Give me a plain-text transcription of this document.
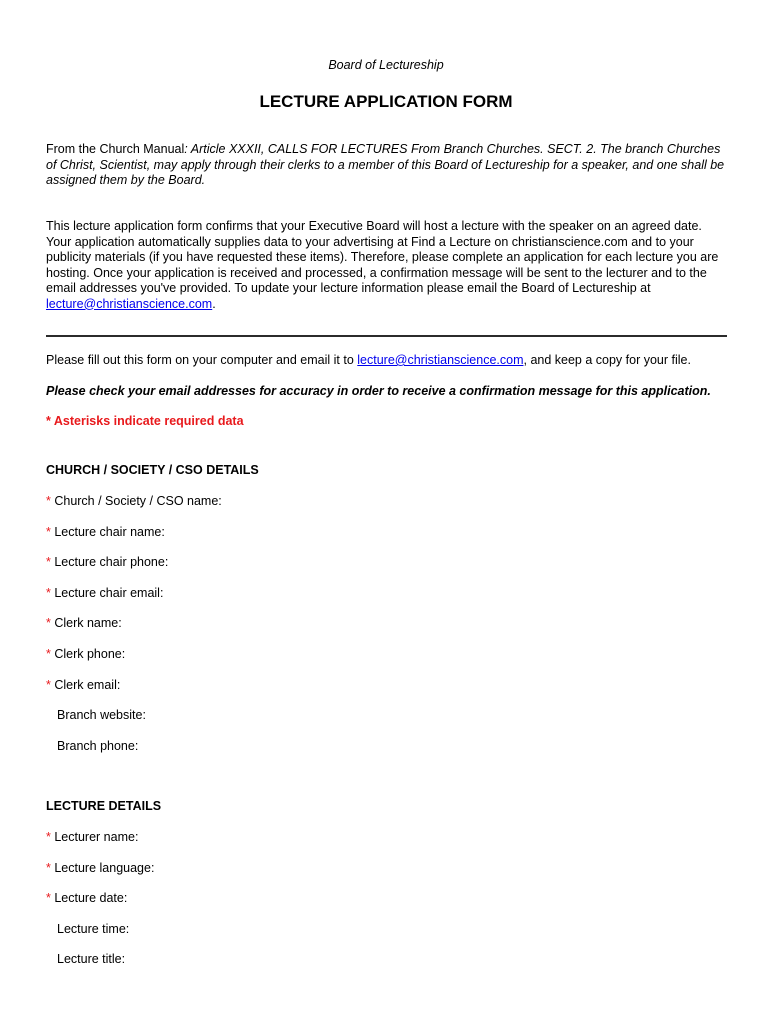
Board of Lectureship
LECTURE APPLICATION FORM
From the Church Manual: Article XXXII, CALLS FOR LECTURES From Branch Churches. SECT. 2. The branch Churches of Christ, Scientist, may apply through their clerks to a member of this Board of Lectureship for a speaker, and one shall be assigned them by the Board.
This lecture application form confirms that your Executive Board will host a lecture with the speaker on an agreed date. Your application automatically supplies data to your advertising at Find a Lecture on christianscience.com and to your publicity materials (if you have requested these items). Therefore, please complete an application for each lecture you are hosting. Once your application is received and processed, a confirmation message will be sent to the lecturer and to the email addresses you've provided. To update your lecture information please email the Board of Lectureship at lecture@christianscience.com.
Please fill out this form on your computer and email it to lecture@christianscience.com, and keep a copy for your file.
Please check your email addresses for accuracy in order to receive a confirmation message for this application.
* Asterisks indicate required data
CHURCH / SOCIETY / CSO DETAILS
* Church / Society / CSO name:
* Lecture chair name:
* Lecture chair phone:
* Lecture chair email:
* Clerk name:
* Clerk phone:
* Clerk email:
Branch website:
Branch phone:
LECTURE DETAILS
* Lecturer name:
* Lecture language:
* Lecture date:
Lecture time:
Lecture title:
